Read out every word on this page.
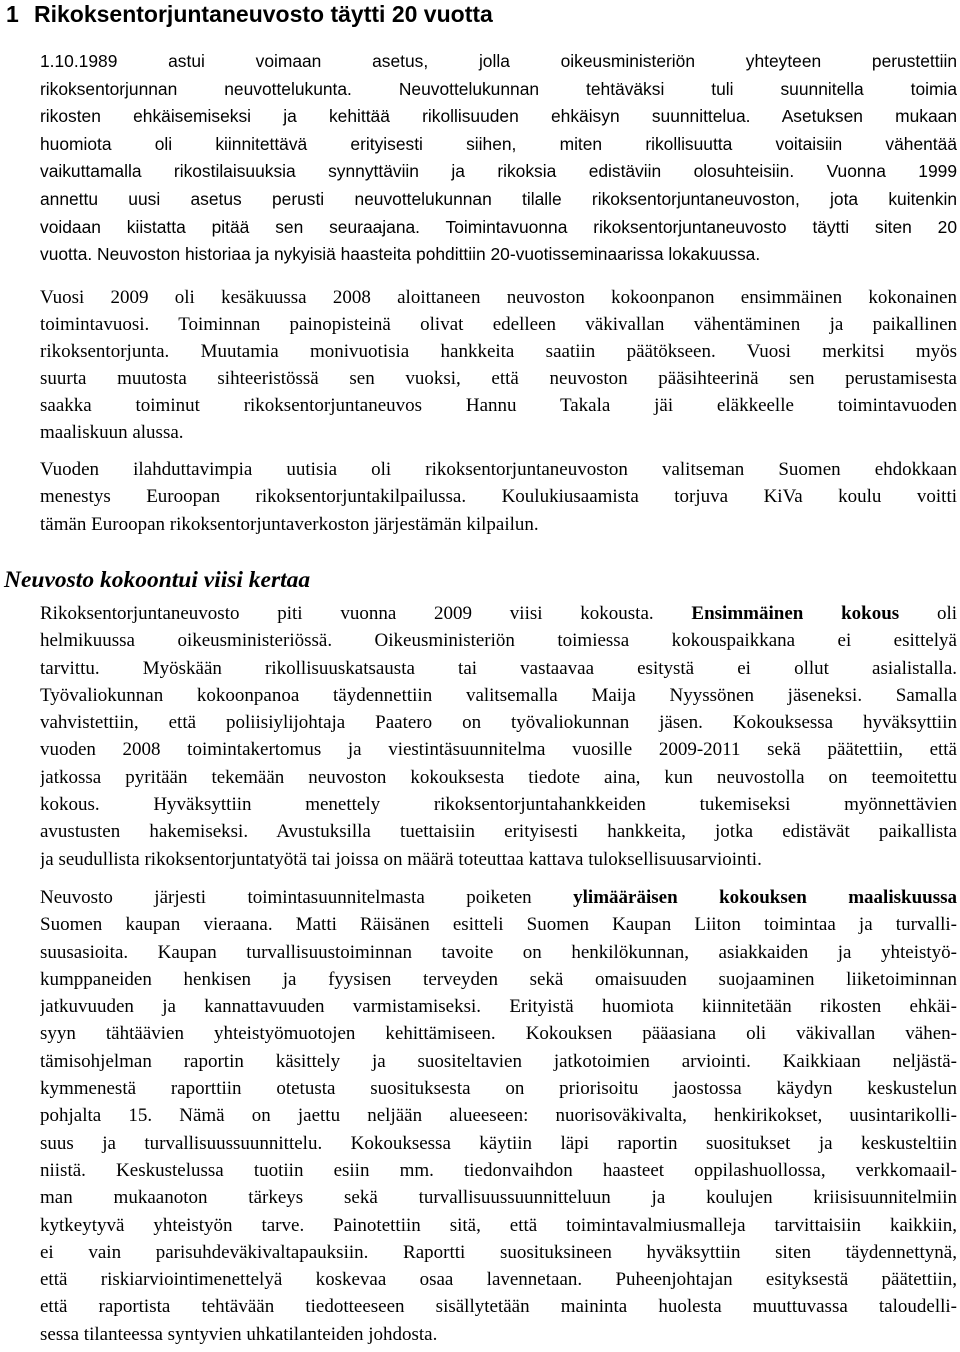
1 Rikoksentorjuntaneuvosto täytti 20 vuotta
1.10.1989 astui voimaan asetus, jolla oikeusministeriön yhteyteen perustettiin
rikoksentorjunnan neuvottelukunta. Neuvottelukunnan tehtäväksi tuli suunnitella toimia
rikosten ehkäisemiseksi ja kehittää rikollisuuden ehkäisyn suunnittelua. Asetuksen mukaan
huomiota oli kiinnitettävä erityisesti siihen, miten rikollisuutta voitaisiin vähentää
vaikuttamalla rikostilaisuuksia synnyttäviin ja rikoksia edistäviin olosuhteisiin. Vuonna 1999
annettu uusi asetus perusti neuvottelukunnan tilalle rikoksentorjuntaneuvoston, jota kuitenkin
voidaan kiistatta pitää sen seuraajana. Toimintavuonna rikoksentorjuntaneuvosto täytti siten 20
vuotta. Neuvoston historiaa ja nykyisiä haasteita pohdittiin 20-vuotisseminaarissa lokakuussa.
Vuosi 2009 oli kesäkuussa 2008 aloittaneen neuvoston kokoonpanon ensimmäinen kokonainen
toimintavuosi. Toiminnan painopisteinä olivat edelleen väkivallan vähentäminen ja paikallinen
rikoksentorjunta. Muutamia monivuotisia hankkeita saatiin päätökseen. Vuosi merkitsi myös
suurta muutosta sihteeristössä sen vuoksi, että neuvoston pääsihteerinä sen perustamisesta
saakka toiminut rikoksentorjuntaneuvos Hannu Takala jäi eläkkeelle toimintavuoden
maaliskuun alussa.
Vuoden ilahduttavimpia uutisia oli rikoksentorjuntaneuvoston valitseman Suomen ehdokkaan
menestys Euroopan rikoksentorjuntakilpailussa. Koulukiusaamista torjuva KiVa koulu voitti
tämän Euroopan rikoksentorjuntaverkoston järjestämän kilpailun.
Neuvosto kokoontui viisi kertaa
Rikoksentorjuntaneuvosto piti vuonna 2009 viisi kokousta. Ensimmäinen kokous oli
helmikuussa oikeusministeriössä. Oikeusministeriön toimiessa kokouspaikkana ei esittelyä
tarvittu. Myöskään rikollisuuskatsausta tai vastaavaa esitystä ei ollut asialistalla.
Työvaliokunnan kokoonpanoa täydennettiin valitsemalla Maija Nyyssönen jäseneksi. Samalla
vahvistettiin, että poliisiylijohtaja Paatero on työvaliokunnan jäsen. Kokouksessa hyväksyttiin
vuoden 2008 toimintakertomus ja viestintäsuunnitelma vuosille 2009-2011 sekä päätettiin, että
jatkossa pyritään tekemään neuvoston kokouksesta tiedote aina, kun neuvostolla on teemoitettu
kokous. Hyväksyttiin menettely rikoksentorjuntahankkeiden tukemiseksi myönnettävien
avustusten hakemiseksi. Avustuksilla tuettaisiin erityisesti hankkeita, jotka edistävät paikallista
ja seudullista rikoksentorjuntatyötä tai joissa on määrä toteuttaa kattava tuloksellisuusarviointi.
Neuvosto järjesti toimintasuunnitelmasta poiketen ylimääräisen kokouksen maaliskuussa
Suomen kaupan vieraana. Matti Räisänen esitteli Suomen Kaupan Liiton toimintaa ja turvalli-
suusasioita. Kaupan turvallisuustoiminnan tavoite on henkilökunnan, asiakkaiden ja yhteistyö-
kumppaneiden henkisen ja fyysisen terveyden sekä omaisuuden suojaaminen liiketoiminnan
jatkuvuuden ja kannattavuuden varmistamiseksi. Erityistä huomiota kiinnitetään rikosten ehkäi-
syyn tähtäävien yhteistyömuotojen kehittämiseen. Kokouksen pääasiana oli väkivallan vähen-
tämisohjelman raportin käsittely ja suositeltavien jatkotoimien arviointi. Kaikkiaan neljästä-
kymmenestä raporttiin otetusta suosituksesta on priorisoitu jaostossa käydyn keskustelun
pohjalta 15. Nämä on jaettu neljään alueeseen: nuorisoväkivalta, henkirikokset, uusintarikolli-
suus ja turvallisuussuunnittelu. Kokouksessa käytiin läpi raportin suositukset ja keskusteltiin
niistä. Keskustelussa tuotiin esiin mm. tiedonvaihdon haasteet oppilashuollossa, verkkomaail-
man mukaanoton tärkeys sekä turvallisuussuunnitteluun ja koulujen kriisisuunnitelmiin
kytkeytyvä yhteistyön tarve. Painotettiin sitä, että toimintavalmiusmalleja tarvittaisiin kaikkiin,
ei vain parisuhdeväkivaltapauksiin. Raportti suosituksineen hyväksyttiin siten täydennettynä,
että riskiarviointimenettelyä koskevaa osaa lavennetaan. Puheenjohtajan esityksestä päätettiin,
että raportista tehtävään tiedotteeseen sisällytetään maininta huolesta muuttuvassa taloudelli-
sessa tilanteessa syntyvien uhkatilanteiden johdosta.
